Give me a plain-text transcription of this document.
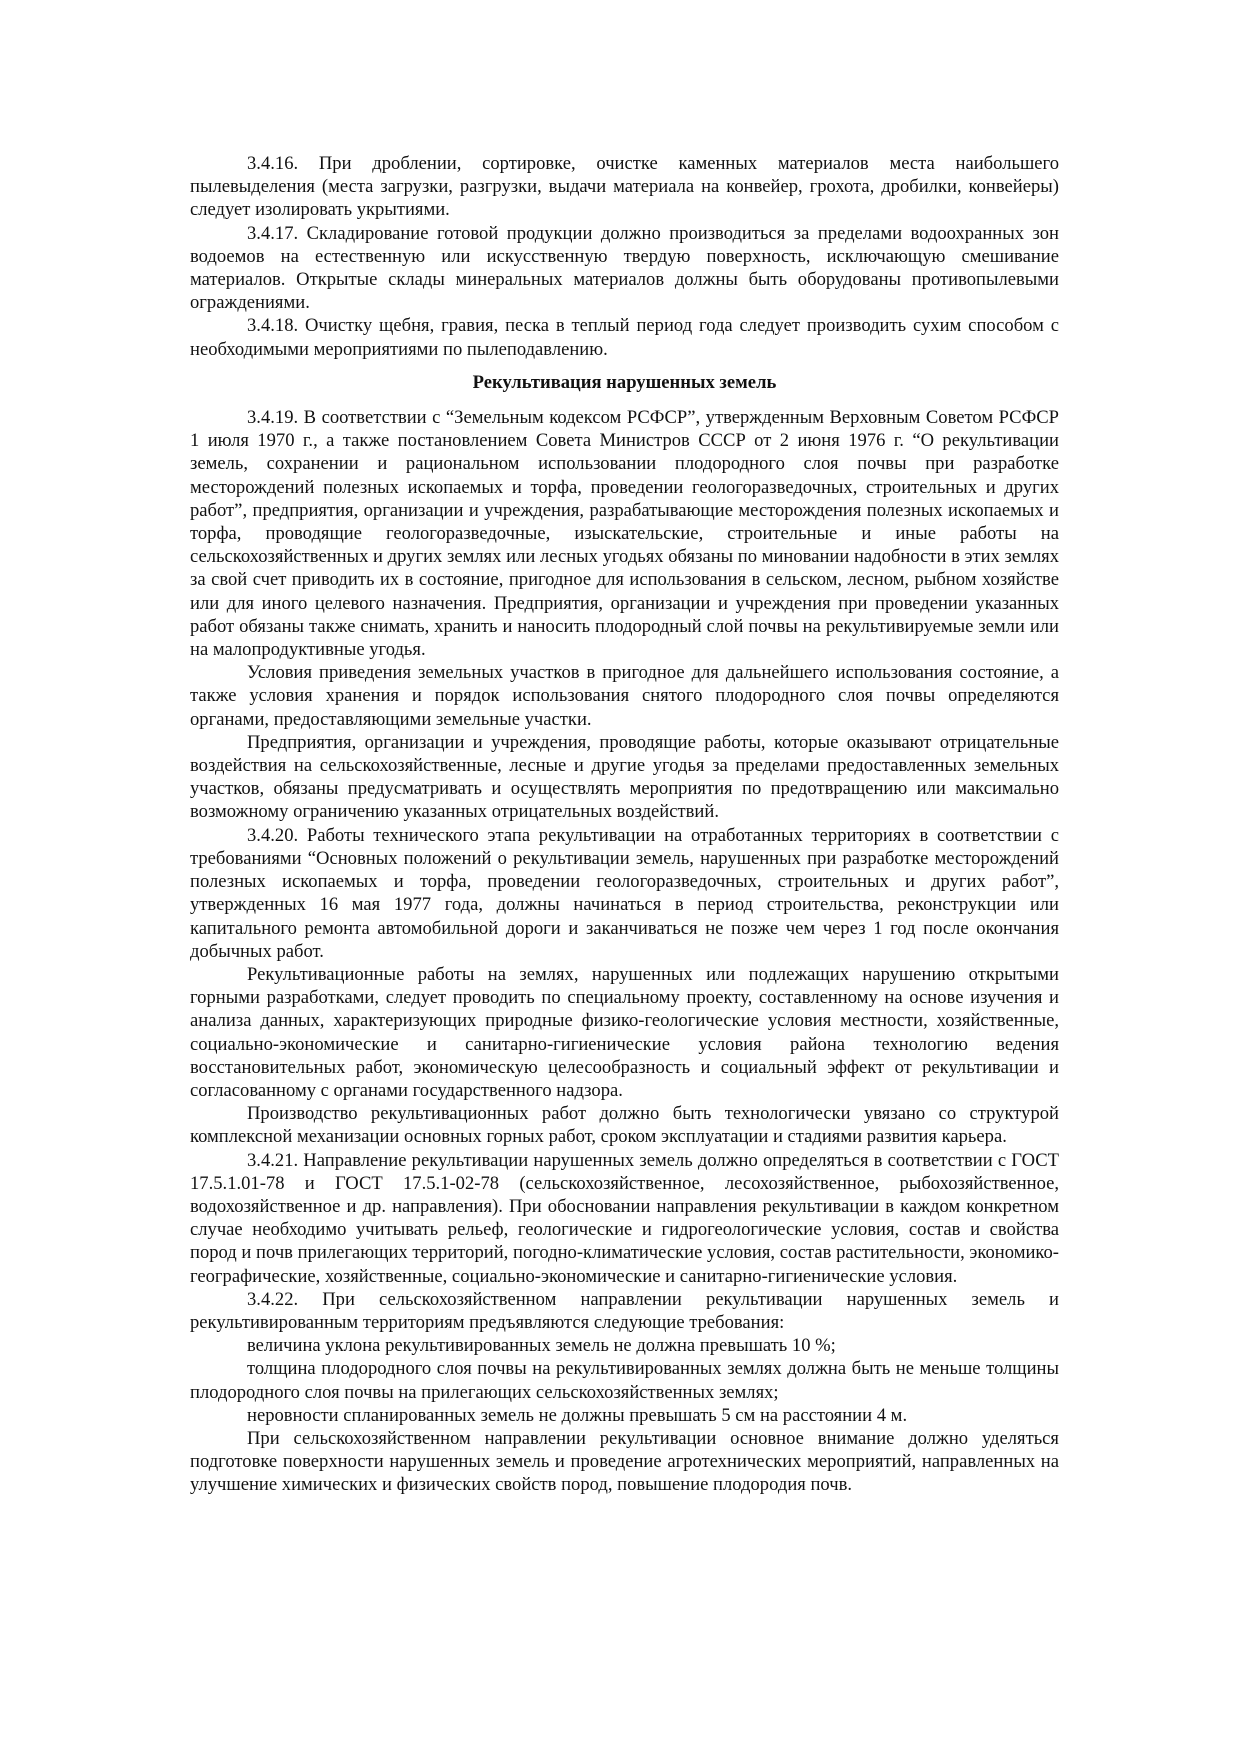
3.4.16. При дроблении, сортировке, очистке каменных материалов места наибольшего пылевыделения (места загрузки, разгрузки, выдачи материала на конвейер, грохота, дробилки, конвейеры) следует изолировать укрытиями.

3.4.17. Складирование готовой продукции должно производиться за пределами водоохранных зон водоемов на естественную или искусственную твердую поверхность, исключающую смешивание материалов. Открытые склады минеральных материалов должны быть оборудованы противопылевыми ограждениями.

3.4.18. Очистку щебня, гравия, песка в теплый период года следует производить сухим способом с необходимыми мероприятиями по пылеподавлению.

Рекультивация нарушенных земель

3.4.19. В соответствии с “Земельным кодексом РСФСР”, утвержденным Верховным Советом РСФСР 1 июля 1970 г., а также постановлением Совета Министров СССР от 2 июня 1976 г. “О рекультивации земель, сохранении и рациональном использовании плодородного слоя почвы при разработке месторождений полезных ископаемых и торфа, проведении геологоразведочных, строительных и других работ”, предприятия, организации и учреждения, разрабатывающие месторождения полезных ископаемых и торфа, проводящие геологоразведочные, изыскательские, строительные и иные работы на сельскохозяйственных и других землях или лесных угодьях обязаны по миновании надобности в этих землях за свой счет приводить их в состояние, пригодное для использования в сельском, лесном, рыбном хозяйстве или для иного целевого назначения. Предприятия, организации и учреждения при проведении указанных работ обязаны также снимать, хранить и наносить плодородный слой почвы на рекультивируемые земли или на малопродуктивные угодья.

Условия приведения земельных участков в пригодное для дальнейшего использования состояние, а также условия хранения и порядок использования снятого плодородного слоя почвы определяются органами, предоставляющими земельные участки.

Предприятия, организации и учреждения, проводящие работы, которые оказывают отрицательные воздействия на сельскохозяйственные, лесные и другие угодья за пределами предоставленных земельных участков, обязаны предусматривать и осуществлять мероприятия по предотвращению или максимально возможному ограничению указанных отрицательных воздействий.

3.4.20. Работы технического этапа рекультивации на отработанных территориях в соответствии с требованиями “Основных положений о рекультивации земель, нарушенных при разработке месторождений полезных ископаемых и торфа, проведении геологоразведочных, строительных и других работ”, утвержденных 16 мая 1977 года, должны начинаться в период строительства, реконструкции или капитального ремонта автомобильной дороги и заканчиваться не позже чем через 1 год после окончания добычных работ.

Рекультивационные работы на землях, нарушенных или подлежащих нарушению открытыми горными разработками, следует проводить по специальному проекту, составленному на основе изучения и анализа данных, характеризующих природные физико-геологические условия местности, хозяйственные, социально-экономические и санитарно-гигиенические условия района технологию ведения восстановительных работ, экономическую целесообразность и социальный эффект от рекультивации и согласованному с органами государственного надзора.

Производство рекультивационных работ должно быть технологически увязано со структурой комплексной механизации основных горных работ, сроком эксплуатации и стадиями развития карьера.

3.4.21. Направление рекультивации нарушенных земель должно определяться в соответствии с ГОСТ 17.5.1.01-78 и ГОСТ 17.5.1-02-78 (сельскохозяйственное, лесохозяйственное, рыбохозяйственное, водохозяйственное и др. направления). При обосновании направления рекультивации в каждом конкретном случае необходимо учитывать рельеф, геологические и гидрогеологические условия, состав и свойства пород и почв прилегающих территорий, погодно-климатические условия, состав растительности, экономико-географические, хозяйственные, социально-экономические и санитарно-гигиенические условия.

3.4.22. При сельскохозяйственном направлении рекультивации нарушенных земель и рекультивированным территориям предъявляются следующие требования:

величина уклона рекультивированных земель не должна превышать 10 %;

толщина плодородного слоя почвы на рекультивированных землях должна быть не меньше толщины плодородного слоя почвы на прилегающих сельскохозяйственных землях;

неровности спланированных земель не должны превышать 5 см на расстоянии 4 м.

При сельскохозяйственном направлении рекультивации основное внимание должно уделяться подготовке поверхности нарушенных земель и проведение агротехнических мероприятий, направленных на улучшение химических и физических свойств пород, повышение плодородия почв.
